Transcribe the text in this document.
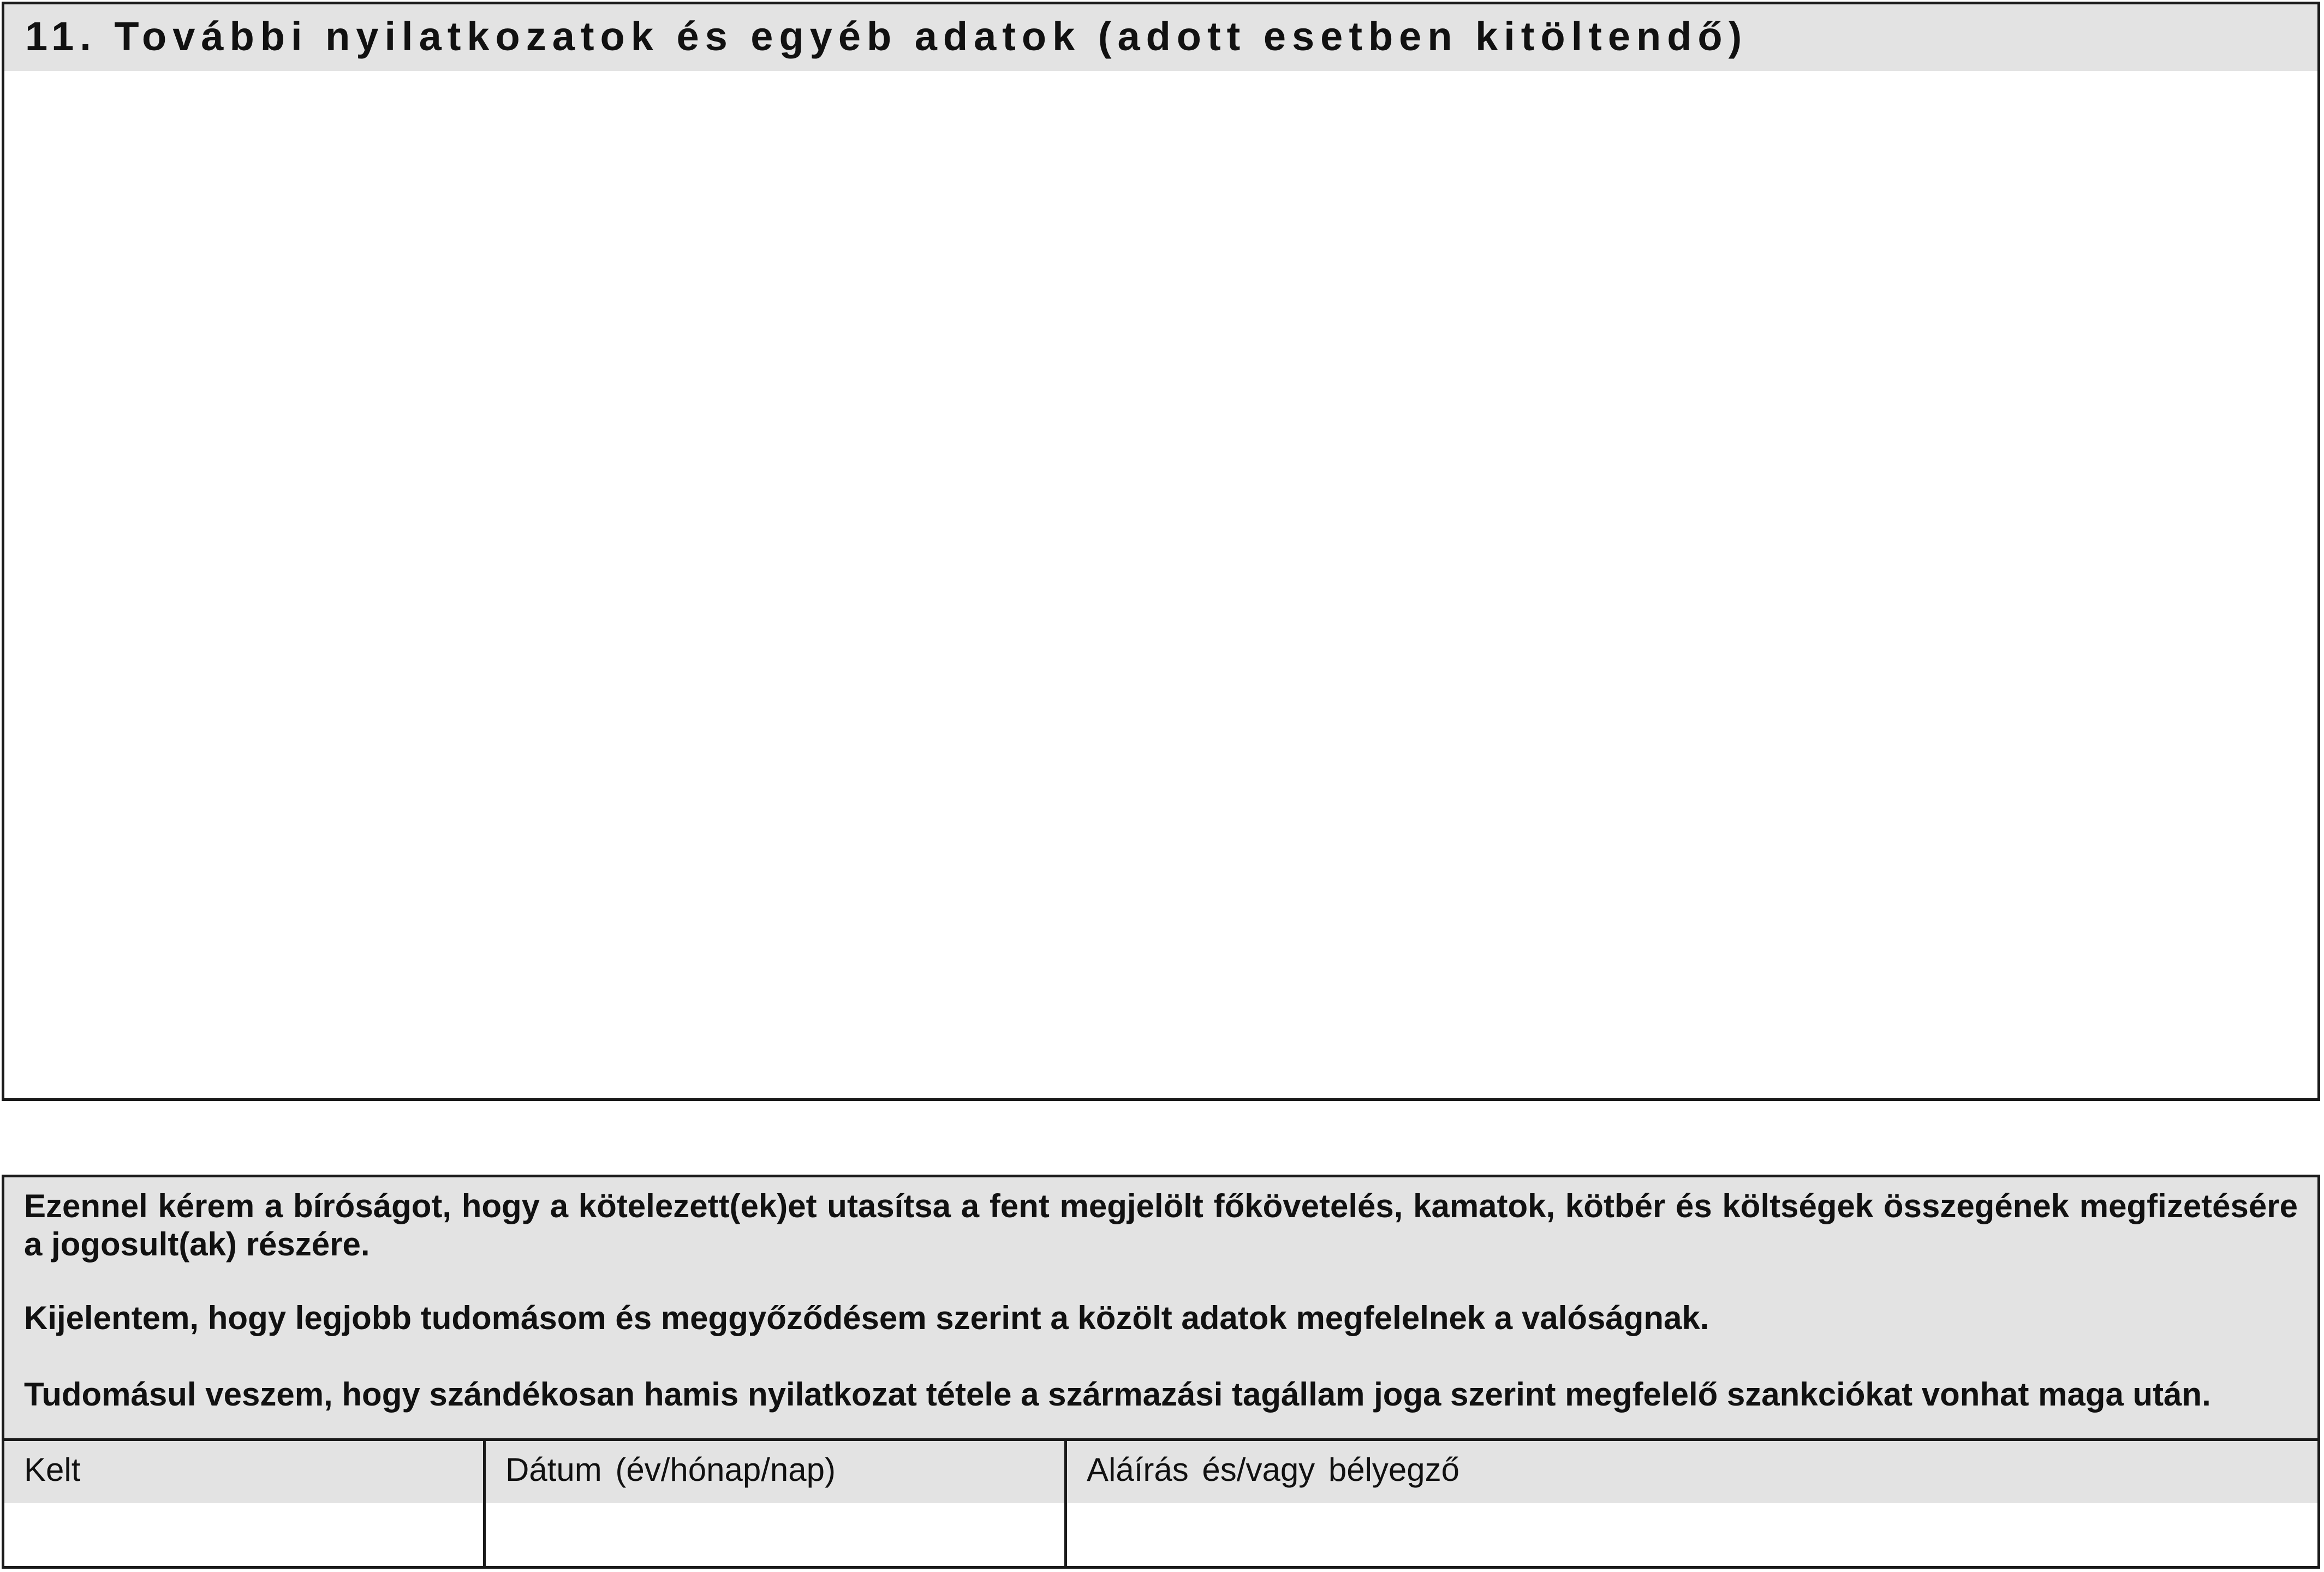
11. További nyilatkozatok és egyéb adatok (adott esetben kitöltendő)
Ezennel kérem a bíróságot, hogy a kötelezett(ek)et utasítsa a fent megjelölt főkövetelés, kamatok, kötbér és költségek összegének megfizetésére a jogosult(ak) részére.
Kijelentem, hogy legjobb tudomásom és meggyőződésem szerint a közölt adatok megfelelnek a valóságnak.
Tudomásul veszem, hogy szándékosan hamis nyilatkozat tétele a származási tagállam joga szerint megfelelő szankciókat vonhat maga után.
Kelt	Dátum (év/hónap/nap)	Aláírás és/vagy bélyegző
